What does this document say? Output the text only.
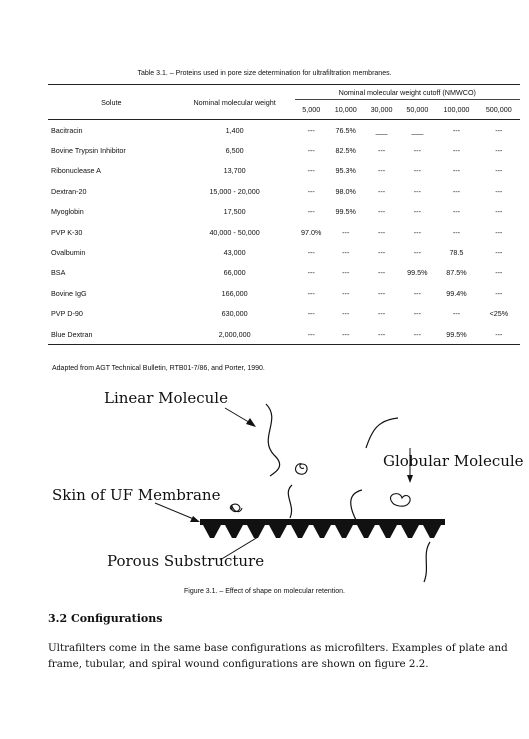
Table 3.1. – Proteins used in pore size determination for ultrafiltration membranes.
Solute	Nominal molecular weight	Nominal molecular weight cutoff (NMWCO)					
		5,000	10,000	30,000	50,000	100,000	500,000
Bacitracin	1,400	---	76.5%	___	___	---	---
Bovine Trypsin Inhibitor	6,500	---	82.5%	---	---	---	---
Ribonuclease A	13,700	---	95.3%	---	---	---	---
Dextran-20	15,000 - 20,000	---	98.0%	---	---	---	---
Myoglobin	17,500	---	99.5%	---	---	---	---
PVP K-30	40,000 - 50,000	97.0%	---	---	---	---	---
Ovalbumin	43,000	---	---	---	---	78.5	---
BSA	66,000	---	---	---	99.5%	87.5%	---
Bovine IgG	166,000	---	---	---	---	99.4%	---
PVP D-90	630,000	---	---	---	---	---	<25%
Blue Dextran	2,000,000	---	---	---	---	99.5%	---
Adapted from AGT Technical Bulletin, RTB01-7/86, and Porter, 1990.
Linear Molecule
Globular Molecule
Skin of UF Membrane
Porous Substructure
Figure 3.1. – Effect of shape on molecular retention.
3.2 Configurations
Ultrafilters come in the same base configurations as microfilters. Examples of plate and
frame, tubular, and spiral wound configurations are shown on figure 2.2.
